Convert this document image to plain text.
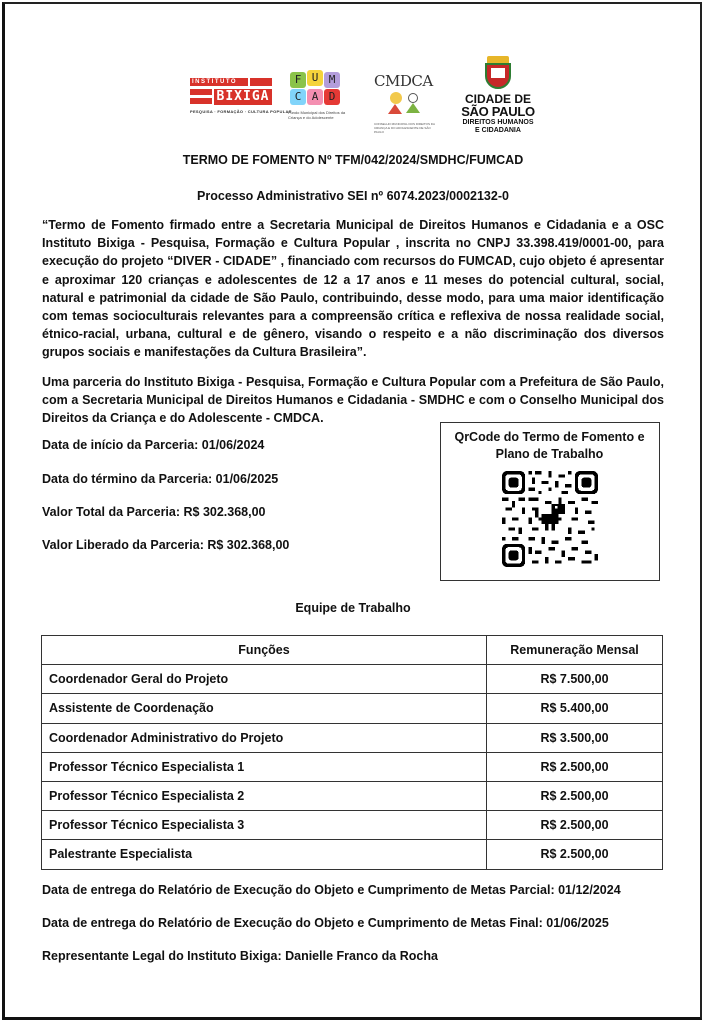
INSTITUTO
BIXIGA
PESQUISA · FORMAÇÃO · CULTURA POPULAR
F U M
C A D
Fundo Municipal dos Direitos da Criança e do Adolescente
CMDCA
CONSELHO MUNICIPAL DOS DIREITOS DA CRIANÇA E DO ADOLESCENTE DE SÃO PAULO
CIDADE DE
SÃO PAULO
DIREITOS HUMANOS
E CIDADANIA
TERMO DE FOMENTO Nº TFM/042/2024/SMDHC/FUMCAD
Processo Administrativo SEI nº 6074.2023/0002132-0

“Termo de Fomento firmado entre a Secretaria Municipal de Direitos Humanos e Cidadania e a OSC Instituto Bixiga - Pesquisa, Formação e Cultura Popular , inscrita no CNPJ 33.398.419/0001-00, para execução do projeto “DIVER - CIDADE” , financiado com recursos do FUMCAD, cujo objeto é apresentar e aproximar 120 crianças e adolescentes de 12 a 17 anos e 11 meses do potencial cultural, social, natural e patrimonial da cidade de São Paulo, contribuindo, desse modo, para uma maior identificação com temas socioculturais relevantes para a compreensão crítica e reflexiva de nossa realidade social, étnico-racial, urbana, cultural e de gênero, visando o respeito e a não discriminação dos diversos grupos sociais e manifestações da Cultura Brasileira”.

Uma parceria do Instituto Bixiga - Pesquisa, Formação e Cultura Popular com a Prefeitura de São Paulo, com a Secretaria Municipal de Direitos Humanos e Cidadania - SMDHC e com o Conselho Municipal dos Direitos da Criança e do Adolescente - CMDCA.

Data de início da Parceria: 01/06/2024
Data do término da Parceria: 01/06/2025
Valor Total da Parceria: R$ 302.368,00
Valor Liberado da Parceria: R$ 302.368,00
QrCode do Termo de Fomento e
Plano de Trabalho
Equipe de Trabalho
Funções	Remuneração Mensal
Coordenador Geral do Projeto	R$ 7.500,00
Assistente de Coordenação	R$ 5.400,00
Coordenador Administrativo do Projeto	R$ 3.500,00
Professor Técnico Especialista 1	R$ 2.500,00
Professor Técnico Especialista 2	R$ 2.500,00
Professor Técnico Especialista 3	R$ 2.500,00
Palestrante Especialista	R$ 2.500,00
Data de entrega do Relatório de Execução do Objeto e Cumprimento de Metas Parcial: 01/12/2024
Data de entrega do Relatório de Execução do Objeto e Cumprimento de Metas Final: 01/06/2025
Representante Legal do Instituto Bixiga: Danielle Franco da Rocha
